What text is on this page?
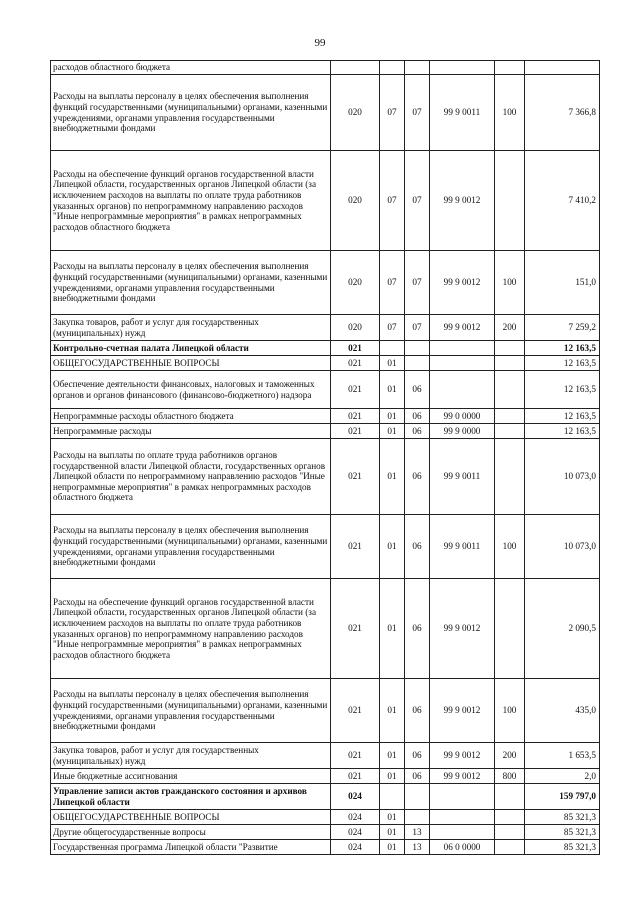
99
расходов областного бюджета						
Расходы на выплаты персоналу в целях обеспечения выполнения функций государственными (муниципальными) органами, казенными учреждениями, органами управления государственными внебюджетными фондами	020	07	07	99 9 0011	100	7 366,8
Расходы на обеспечение функций органов государственной власти Липецкой области, государственных органов Липецкой области (за исключением расходов на выплаты по оплате труда работников указанных органов) по непрограммному направлению расходов "Иные непрограммные мероприятия" в рамках непрограммных расходов областного бюджета	020	07	07	99 9 0012		7 410,2
Расходы на выплаты персоналу в целях обеспечения выполнения функций государственными (муниципальными) органами, казенными учреждениями, органами управления государственными внебюджетными фондами	020	07	07	99 9 0012	100	151,0
Закупка товаров, работ и услуг для государственных (муниципальных) нужд	020	07	07	99 9 0012	200	7 259,2
Контрольно-счетная палата Липецкой области	021					12 163,5
ОБЩЕГОСУДАРСТВЕННЫЕ ВОПРОСЫ	021	01				12 163,5
Обеспечение деятельности финансовых, налоговых и таможенных органов и органов финансового (финансово-бюджетного) надзора	021	01	06			12 163,5
Непрограммные расходы областного бюджета	021	01	06	99 0 0000		12 163,5
Непрограммные расходы	021	01	06	99 9 0000		12 163,5
Расходы на выплаты по оплате труда работников органов государственной власти Липецкой области, государственных органов Липецкой области по непрограммному направлению расходов "Иные непрограммные мероприятия" в рамках непрограммных расходов областного бюджета	021	01	06	99 9 0011		10 073,0
Расходы на выплаты персоналу в целях обеспечения выполнения функций государственными (муниципальными) органами, казенными учреждениями, органами управления государственными внебюджетными фондами	021	01	06	99 9 0011	100	10 073,0
Расходы на обеспечение функций органов государственной власти Липецкой области, государственных органов Липецкой области (за исключением расходов на выплаты по оплате труда работников указанных органов) по непрограммному направлению расходов "Иные непрограммные мероприятия" в рамках непрограммных расходов областного бюджета	021	01	06	99 9 0012		2 090,5
Расходы на выплаты персоналу в целях обеспечения выполнения функций государственными (муниципальными) органами, казенными учреждениями, органами управления государственными внебюджетными фондами	021	01	06	99 9 0012	100	435,0
Закупка товаров, работ и услуг для государственных (муниципальных) нужд	021	01	06	99 9 0012	200	1 653,5
Иные бюджетные ассигнования	021	01	06	99 9 0012	800	2,0
Управление записи актов гражданского состояния и архивов Липецкой области	024					159 797,0
ОБЩЕГОСУДАРСТВЕННЫЕ ВОПРОСЫ	024	01				85 321,3
Другие общегосударственные вопросы	024	01	13			85 321,3
Государственная программа Липецкой области "Развитие	024	01	13	06 0 0000		85 321,3
